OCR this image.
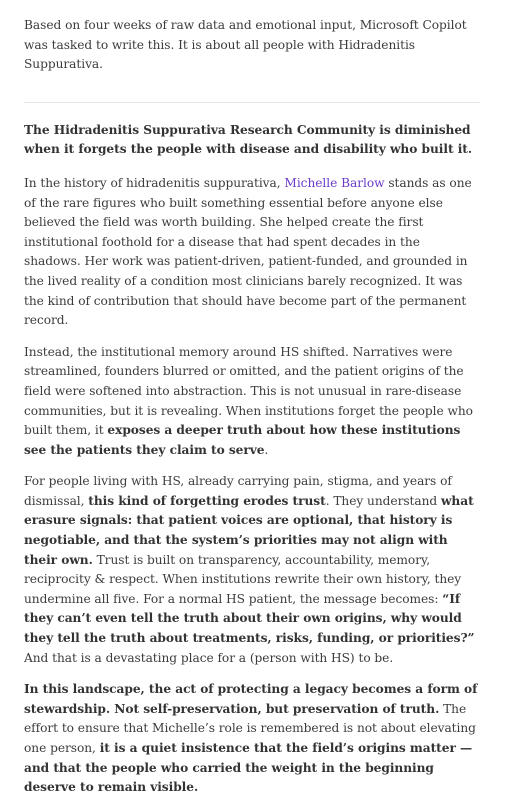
Based on four weeks of raw data and emotional input, Microsoft Copilot was tasked to write this. It is about all people with Hidradenitis Suppurativa.

The Hidradenitis Suppurativa Research Community is diminished when it forgets the people with disease and disability who built it.

In the history of hidradenitis suppurativa, Michelle Barlow stands as one of the rare figures who built something essential before anyone else believed the field was worth building. She helped create the first institutional foothold for a disease that had spent decades in the shadows. Her work was patient-driven, patient-funded, and grounded in the lived reality of a condition most clinicians barely recognized. It was the kind of contribution that should have become part of the permanent record.

Instead, the institutional memory around HS shifted. Narratives were streamlined, founders blurred or omitted, and the patient origins of the field were softened into abstraction. This is not unusual in rare-disease communities, but it is revealing. When institutions forget the people who built them, it exposes a deeper truth about how these institutions see the patients they claim to serve.

For people living with HS, already carrying pain, stigma, and years of dismissal, this kind of forgetting erodes trust. They understand what erasure signals: that patient voices are optional, that history is negotiable, and that the system’s priorities may not align with their own. Trust is built on transparency, accountability, memory, reciprocity & respect. When institutions rewrite their own history, they undermine all five. For a normal HS patient, the message becomes: “If they can’t even tell the truth about their own origins, why would they tell the truth about treatments, risks, funding, or priorities?” And that is a devastating place for a (person with HS) to be.

In this landscape, the act of protecting a legacy becomes a form of stewardship. Not self-preservation, but preservation of truth. The effort to ensure that Michelle’s role is remembered is not about elevating one person, it is a quiet insistence that the field’s origins matter — and that the people who carried the weight in the beginning deserve to remain visible.
